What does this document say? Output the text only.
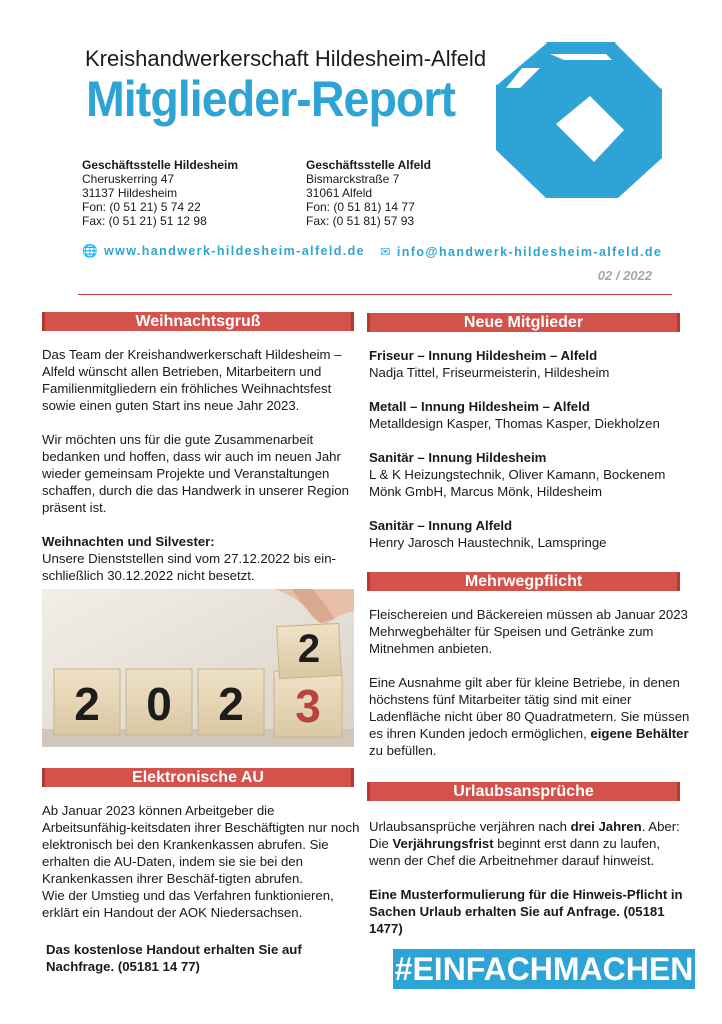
Kreishandwerkerschaft Hildesheim-Alfeld
Mitglieder-Report
Geschäftsstelle Hildesheim
Cheruskerring 47
31137 Hildesheim
Fon: (0 51 21) 5 74 22
Fax: (0 51 21) 51 12 98
Geschäftsstelle Alfeld
Bismarckstraße 7
31061 Alfeld
Fon: (0 51 81) 14 77
Fax: (0 51 81) 57 93
🌐 www.handwerk-hildesheim-alfeld.de ✉ info@handwerk-hildesheim-alfeld.de
02 / 2022
Weihnachtsgruß

Das Team der Kreishandwerkerschaft Hildesheim – Alfeld wünscht allen Betrieben, Mitarbeitern und Familienmitgliedern ein fröhliches Weihnachtsfest sowie einen guten Start ins neue Jahr 2023.

Wir möchten uns für die gute Zusammenarbeit bedanken und hoffen, dass wir auch im neuen Jahr wieder gemeinsam Projekte und Veranstaltungen schaffen, durch die das Handwerk in unserer Region präsent ist.

Weihnachten und Silvester:

Unsere Dienststellen sind vom 27.12.2022 bis ein-schließlich 30.12.2022 nicht besetzt.

2	0	2	3
2
Elektronische AU

Ab Januar 2023 können Arbeitgeber die Arbeitsunfähig-keitsdaten ihrer Beschäftigten nur noch elektronisch bei den Krankenkassen abrufen. Sie erhalten die AU-Daten, indem sie sie bei den Krankenkassen ihrer Beschäf-tigten abrufen.

Wie der Umstieg und das Verfahren funktionieren, erklärt ein Handout der AOK Niedersachsen.

Das kostenlose Handout erhalten Sie auf Nachfrage. (05181 14 77)
Neue Mitglieder

Friseur – Innung Hildesheim – Alfeld

Nadja Tittel, Friseurmeisterin, Hildesheim

Metall – Innung Hildesheim – Alfeld

Metalldesign Kasper, Thomas Kasper, Diekholzen

Sanitär – Innung Hildesheim

L & K Heizungstechnik, Oliver Kamann, Bockenem

Mönk GmbH, Marcus Mönk, Hildesheim

Sanitär – Innung Alfeld

Henry Jarosch Haustechnik, Lamspringe

Mehrwegpflicht

Fleischereien und Bäckereien müssen ab Januar 2023 Mehrwegbehälter für Speisen und Getränke zum Mitnehmen anbieten.

Eine Ausnahme gilt aber für kleine Betriebe, in denen höchstens fünf Mitarbeiter tätig sind mit einer Ladenfläche nicht über 80 Quadratmetern. Sie müssen es ihren Kunden jedoch ermöglichen, eigene Behälter zu befüllen.

Urlaubsansprüche

Urlaubsansprüche verjähren nach drei Jahren. Aber: Die Verjährungsfrist beginnt erst dann zu laufen, wenn der Chef die Arbeitnehmer darauf hinweist.

Eine Musterformulierung für die Hinweis-Pflicht in Sachen Urlaub erhalten Sie auf Anfrage. (05181 1477)

#EINFACHMACHEN
